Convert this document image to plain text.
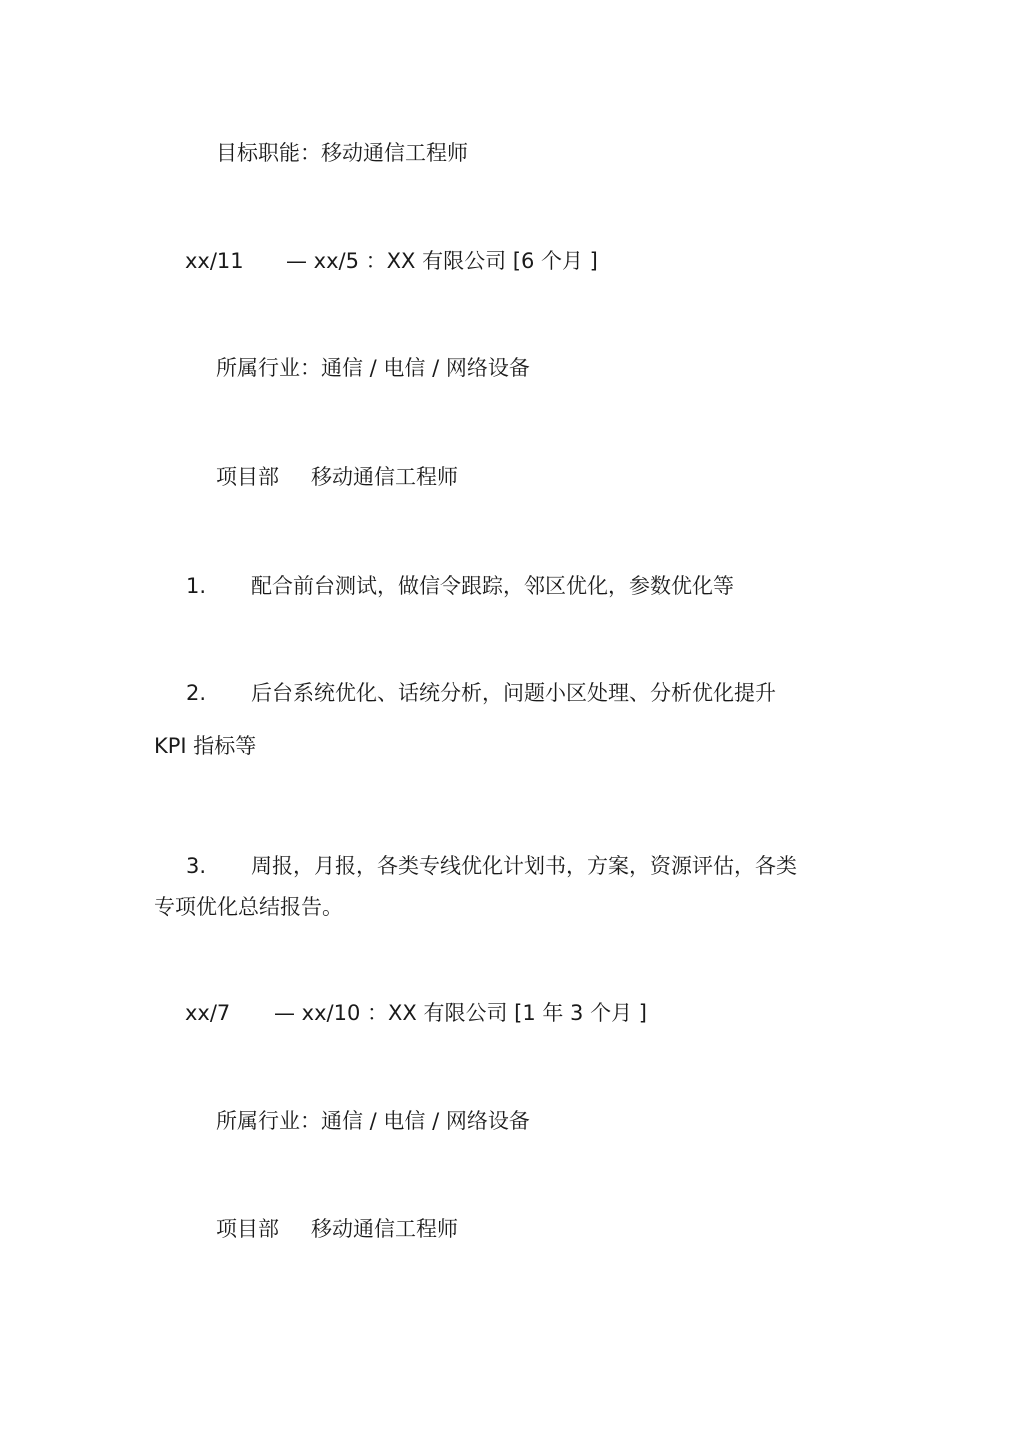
目标职能：移动通信工程师
xx/11 — xx/5 ：XX 有限公司 [6 个月 ]
所属行业：通信 / 电信 / 网络设备
项目部 移动通信工程师
1. 配合前台测试，做信令跟踪，邻区优化，参数优化等
2. 后台系统优化、话统分析，问题小区处理、分析优化提升
KPI 指标等
3. 周报，月报，各类专线优化计划书，方案，资源评估，各类
专项优化总结报告。
xx/7 — xx/10 ：XX 有限公司 [1 年 3 个月 ]
所属行业：通信 / 电信 / 网络设备
项目部 移动通信工程师
